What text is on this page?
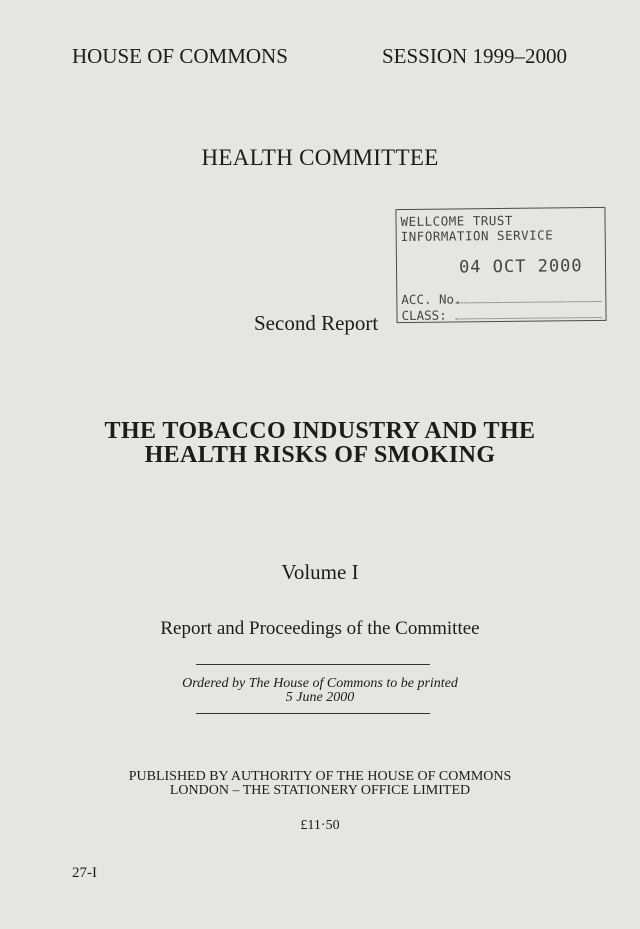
HOUSE OF COMMONS	SESSION 1999–2000
HEALTH COMMITTEE
WELLCOME TRUST INFORMATION SERVICE
04 OCT 2000
ACC. No.
CLASS:
Second Report
THE TOBACCO INDUSTRY AND THE
HEALTH RISKS OF SMOKING
Volume I
Report and Proceedings of the Committee
Ordered by The House of Commons to be printed
5 June 2000
PUBLISHED BY AUTHORITY OF THE HOUSE OF COMMONS
LONDON – THE STATIONERY OFFICE LIMITED
£11·50
27-I
